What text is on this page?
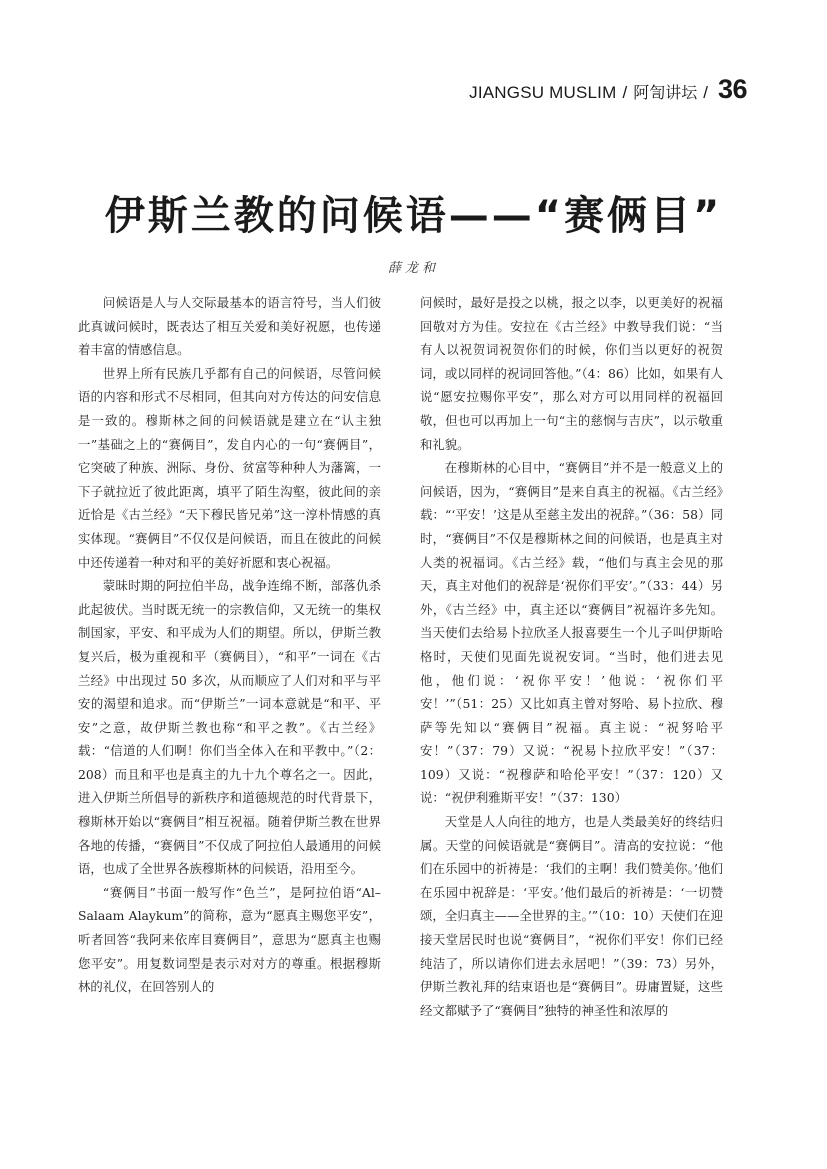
JIANGSU MUSLIM / 阿訇讲坛 / 36
伊斯兰教的问候语——“赛俩目”
薛龙和

问候语是人与人交际最基本的语言符号，当人们彼此真诚问候时，既表达了相互关爱和美好祝愿，也传递着丰富的情感信息。

世界上所有民族几乎都有自己的问候语，尽管问候语的内容和形式不尽相同，但其向对方传达的问安信息是一致的。穆斯林之间的问候语就是建立在“认主独一”基础之上的“赛俩目”，发自内心的一句“赛俩目”，它突破了种族、洲际、身份、贫富等种种人为藩篱，一下子就拉近了彼此距离，填平了陌生沟壑，彼此间的亲近恰是《古兰经》“天下穆民皆兄弟”这一淳朴情感的真实体现。“赛俩目”不仅仅是问候语，而且在彼此的问候中还传递着一种对和平的美好祈愿和衷心祝福。

蒙昧时期的阿拉伯半岛，战争连绵不断，部落仇杀此起彼伏。当时既无统一的宗教信仰，又无统一的集权制国家，平安、和平成为人们的期望。所以，伊斯兰教复兴后，极为重视和平（赛俩目），“和平”一词在《古兰经》中出现过 50 多次，从而顺应了人们对和平与平安的渴望和追求。而“伊斯兰”一词本意就是“和平、平安”之意，故伊斯兰教也称“和平之教”。《古兰经》载：“信道的人们啊！你们当全体入在和平教中。”（2：208）而且和平也是真主的九十九个尊名之一。因此，进入伊斯兰所倡导的新秩序和道德规范的时代背景下，穆斯林开始以“赛俩目”相互祝福。随着伊斯兰教在世界各地的传播，“赛俩目”不仅成了阿拉伯人最通用的问候语，也成了全世界各族穆斯林的问候语，沿用至今。

“赛俩目”书面一般写作“色兰”，是阿拉伯语“Al–Salaam Alaykum”的简称，意为“愿真主赐您平安”，听者回答“我阿来依库目赛俩目”，意思为“愿真主也赐您平安”。用复数词型是表示对对方的尊重。根据穆斯林的礼仪，在回答别人的

问候时，最好是投之以桃，报之以李，以更美好的祝福回敬对方为佳。安拉在《古兰经》中教导我们说：“当有人以祝贺词祝贺你们的时候，你们当以更好的祝贺词，或以同样的祝词回答他。”（4：86）比如，如果有人说“愿安拉赐你平安”，那么对方可以用同样的祝福回敬，但也可以再加上一句“主的慈悯与吉庆”，以示敬重和礼貌。

在穆斯林的心目中，“赛俩目”并不是一般意义上的问候语，因为，“赛俩目”是来自真主的祝福。《古兰经》载：“‘平安！’这是从至慈主发出的祝辞。”（36：58）同时，“赛俩目”不仅是穆斯林之间的问候语，也是真主对人类的祝福词。《古兰经》载，“他们与真主会见的那天，真主对他们的祝辞是‘祝你们平安’。”（33：44）另外，《古兰经》中，真主还以“赛俩目”祝福许多先知。当天使们去给易卜拉欣圣人报喜要生一个儿子叫伊斯哈格时，天使们见面先说祝安词。“当时，他们进去见他，他们说：‘祝你平安！’他说：‘祝你们平安！’”（51：25）又比如真主曾对努哈、易卜拉欣、穆萨等先知以“赛俩目”祝福。真主说：“祝努哈平安！”（37：79）又说：“祝易卜拉欣平安！”（37：109）又说：“祝穆萨和哈伦平安！”（37：120）又说：“祝伊利雅斯平安！”（37：130）

天堂是人人向往的地方，也是人类最美好的终结归属。天堂的问候语就是“赛俩目”。清高的安拉说：“他们在乐园中的祈祷是：‘我们的主啊！我们赞美你。’他们在乐园中祝辞是：‘平安。’他们最后的祈祷是：‘一切赞颂，全归真主——全世界的主。’”（10：10）天使们在迎接天堂居民时也说“赛俩目”，“祝你们平安！你们已经纯洁了，所以请你们进去永居吧！”（39：73）另外，伊斯兰教礼拜的结束语也是“赛俩目”。毋庸置疑，这些经文都赋予了“赛俩目”独特的神圣性和浓厚的
